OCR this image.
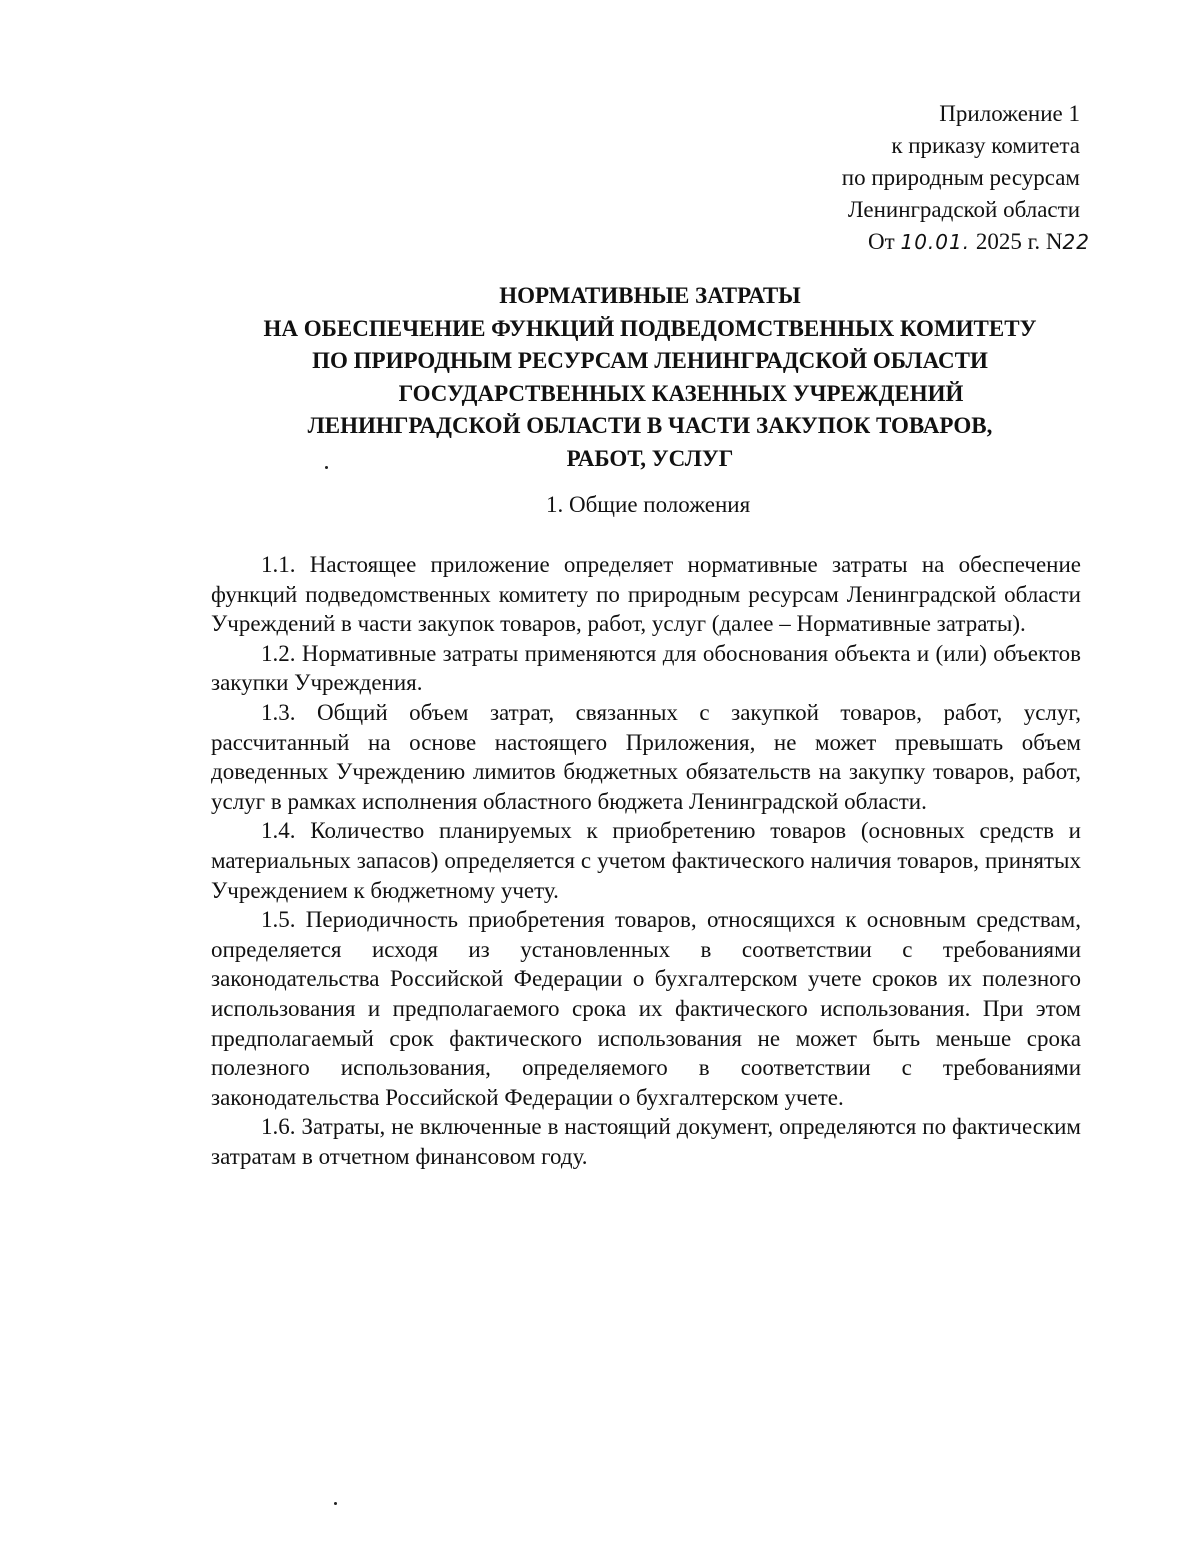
Приложение 1
к приказу комитета
по природным ресурсам
Ленинградской области
От 10.01. 2025 г. N22
НОРМАТИВНЫЕ ЗАТРАТЫ
НА ОБЕСПЕЧЕНИЕ ФУНКЦИЙ ПОДВЕДОМСТВЕННЫХ КОМИТЕТУ
ПО ПРИРОДНЫМ РЕСУРСАМ ЛЕНИНГРАДСКОЙ ОБЛАСТИ
ГОСУДАРСТВЕННЫХ КАЗЕННЫХ УЧРЕЖДЕНИЙ
ЛЕНИНГРАДСКОЙ ОБЛАСТИ В ЧАСТИ ЗАКУПОК ТОВАРОВ,
РАБОТ, УСЛУГ
1. Общие положения

1.1. Настоящее приложение определяет нормативные затраты на обеспечение функций подведомственных комитету по природным ресурсам Ленинградской области Учреждений в части закупок товаров, работ, услуг (далее – Нормативные затраты).

1.2. Нормативные затраты применяются для обоснования объекта и (или) объектов закупки Учреждения.

1.3. Общий объем затрат, связанных с закупкой товаров, работ, услуг, рассчитанный на основе настоящего Приложения, не может превышать объем доведенных Учреждению лимитов бюджетных обязательств на закупку товаров, работ, услуг в рамках исполнения областного бюджета Ленинградской области.

1.4. Количество планируемых к приобретению товаров (основных средств и материальных запасов) определяется с учетом фактического наличия товаров, принятых Учреждением к бюджетному учету.

1.5. Периодичность приобретения товаров, относящихся к основным средствам, определяется исходя из установленных в соответствии с требованиями законодательства Российской Федерации о бухгалтерском учете сроков их полезного использования и предполагаемого срока их фактического использования. При этом предполагаемый срок фактического использования не может быть меньше срока полезного использования, определяемого в соответствии с требованиями законодательства Российской Федерации о бухгалтерском учете.

1.6. Затраты, не включенные в настоящий документ, определяются по фактическим затратам в отчетном финансовом году.
